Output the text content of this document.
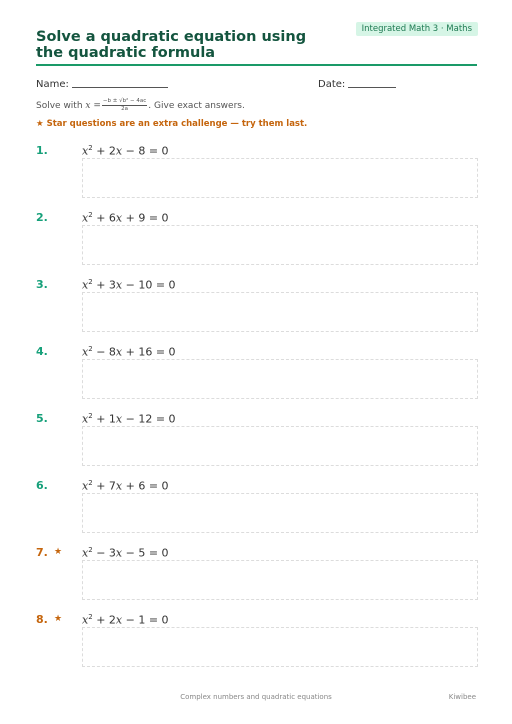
Integrated Math 3 · Maths
Solve a quadratic equation using the quadratic formula
Name:	Date:
Solve with $x = \frac{\text{−b ± √b² − 4ac}}{2a}$ . Give exact answers.
★ Star questions are an extra challenge — try them last.
1.	$x^2 + 2x - 8 = 0$
2.	$x^2 + 6x + 9 = 0$
3.	$x^2 + 3x - 10 = 0$
4.	$x^2 - 8x + 16 = 0$
5.	$x^2 + 1x - 12 = 0$
6.	$x^2 + 7x + 6 = 0$
7. ★ $x^2 - 3x - 5 = 0$
8. ★ $x^2 + 2x - 1 = 0$
Complex numbers and quadratic equations	Kiwibee
